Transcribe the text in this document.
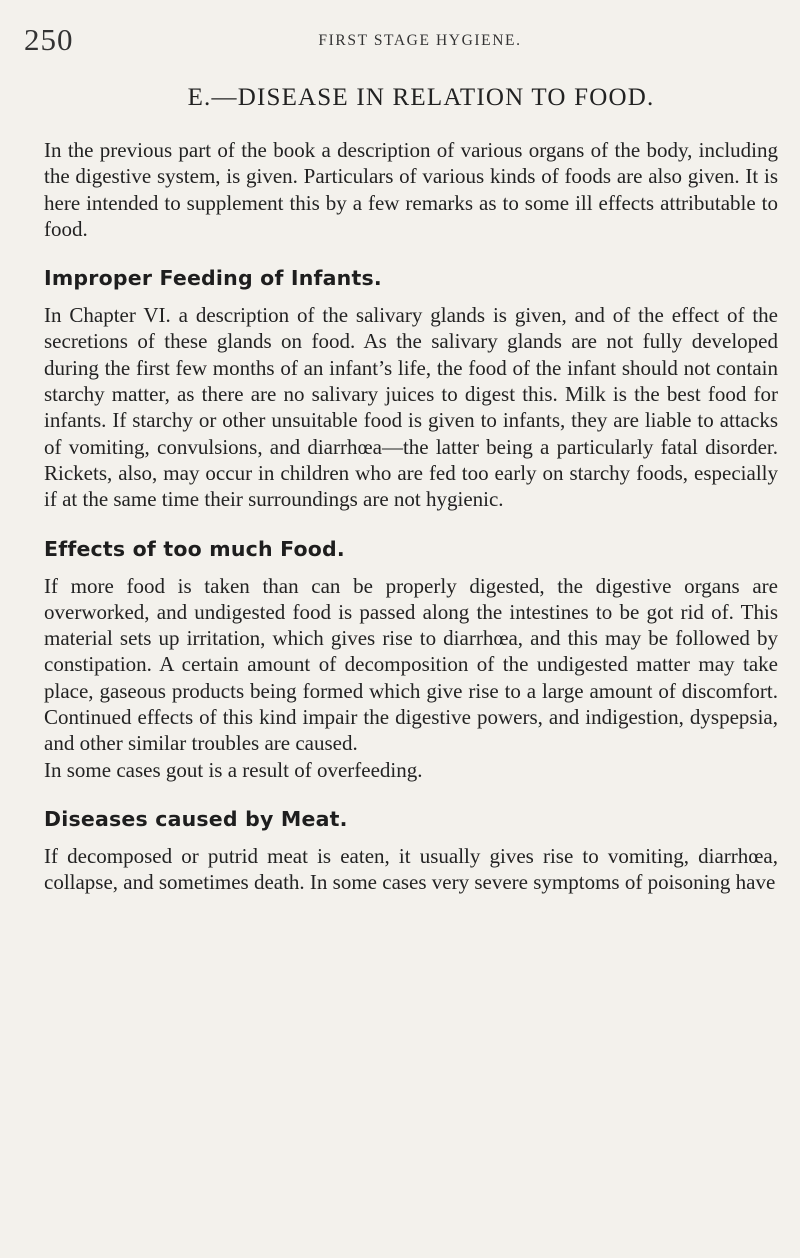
250	FIRST STAGE HYGIENE.
E.—DISEASE IN RELATION TO FOOD.

In the previous part of the book a description of various organs of the body, including the digestive system, is given. Particulars of various kinds of foods are also given. It is here intended to supplement this by a few remarks as to some ill effects attributable to food.

Improper Feeding of Infants.

In Chapter VI. a description of the salivary glands is given, and of the effect of the secretions of these glands on food. As the salivary glands are not fully developed during the first few months of an infant’s life, the food of the infant should not contain starchy matter, as there are no salivary juices to digest this. Milk is the best food for infants. If starchy or other unsuitable food is given to infants, they are liable to attacks of vomiting, convulsions, and diarrhœa—the latter being a particularly fatal disorder. Rickets, also, may occur in children who are fed too early on starchy foods, especially if at the same time their surroundings are not hygienic.

Effects of too much Food.

If more food is taken than can be properly digested, the digestive organs are overworked, and undigested food is passed along the intestines to be got rid of. This material sets up irritation, which gives rise to diarrhœa, and this may be followed by constipation. A certain amount of decomposition of the undigested matter may take place, gaseous products being formed which give rise to a large amount of discomfort. Continued effects of this kind impair the digestive powers, and indigestion, dyspepsia, and other similar troubles are caused.

In some cases gout is a result of overfeeding.

Diseases caused by Meat.

If decomposed or putrid meat is eaten, it usually gives rise to vomiting, diarrhœa, collapse, and sometimes death. In some cases very severe symptoms of poisoning have
